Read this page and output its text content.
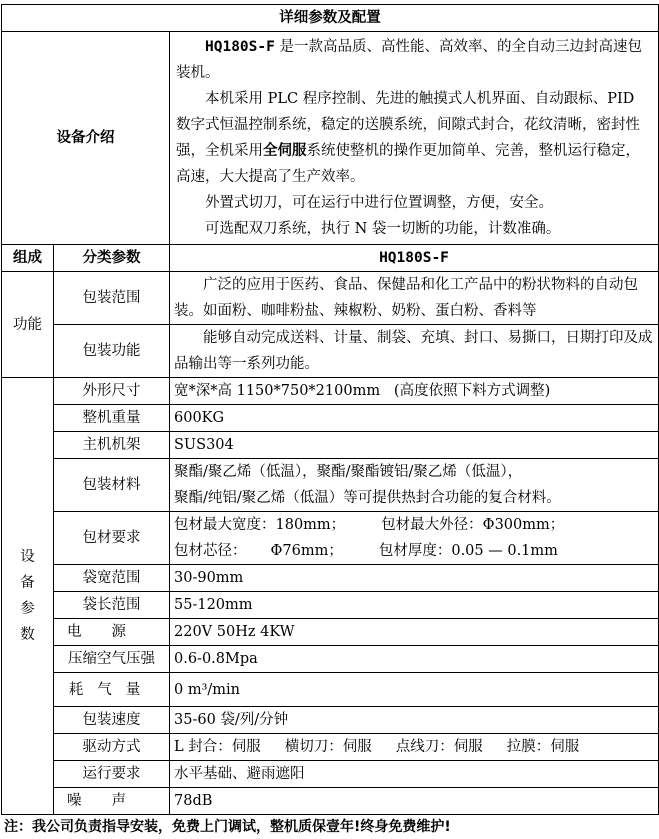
详细参数及配置		
设备介绍		HQ180S-F 是一款高品质、高性能、高效率、的全自动三边封高速包装机。

本机采用 PLC 程序控制、先进的触摸式人机界面、自动跟标、PID 数字式恒温控制系统，稳定的送膜系统，间隙式封合，花纹清晰，密封性强，全机采用全伺服系统使整机的操作更加简单、完善，整机运行稳定，高速，大大提高了生产效率。

外置式切刀，可在运行中进行位置调整，方便，安全。

可选配双刀系统，执行 N 袋一切断的功能，计数准确。

组成	分类参数	HQ180S-F
功能	包装范围	广泛的应用于医药、食品、保健品和化工产品中的粉状物料的自动包装。如面粉、咖啡粉盐、辣椒粉、奶粉、蛋白粉、香料等

	包装功能	能够自动完成送料、计量、制袋、充填、封口、易撕口，日期打印及成品输出等一系列功能。

设
备
参
数	外形尺寸	宽*深*高 1150*750*2100mm (高度依照下料方式调整)
	整机重量	600KG
	主机机架	SUS304
	包装材料	聚酯/聚乙烯（低温），聚酯/聚酯镀铝/聚乙烯（低温），
聚酯/纯铝/聚乙烯（低温）等可提供热封合功能的复合材料。

	包材要求	包材最大宽度：180mm； 包材最大外径：Φ300mm；
包材芯径： Φ76mm； 包材厚度：0.05 — 0.1mm

	袋宽范围	30-90mm
	袋长范围	55-120mm
	电源	220V 50Hz 4KW
	压缩空气压强	0.6-0.8Mpa
	耗气量	0 m³/min
	包装速度	35-60 袋/列/分钟
	驱动方式	L 封合：伺服 横切刀：伺服 点线刀：伺服 拉膜：伺服
	运行要求	水平基础、避雨遮阳
	噪声	78dB
注：我公司负责指导安装，免费上门调试，整机质保壹年!终身免费维护!
